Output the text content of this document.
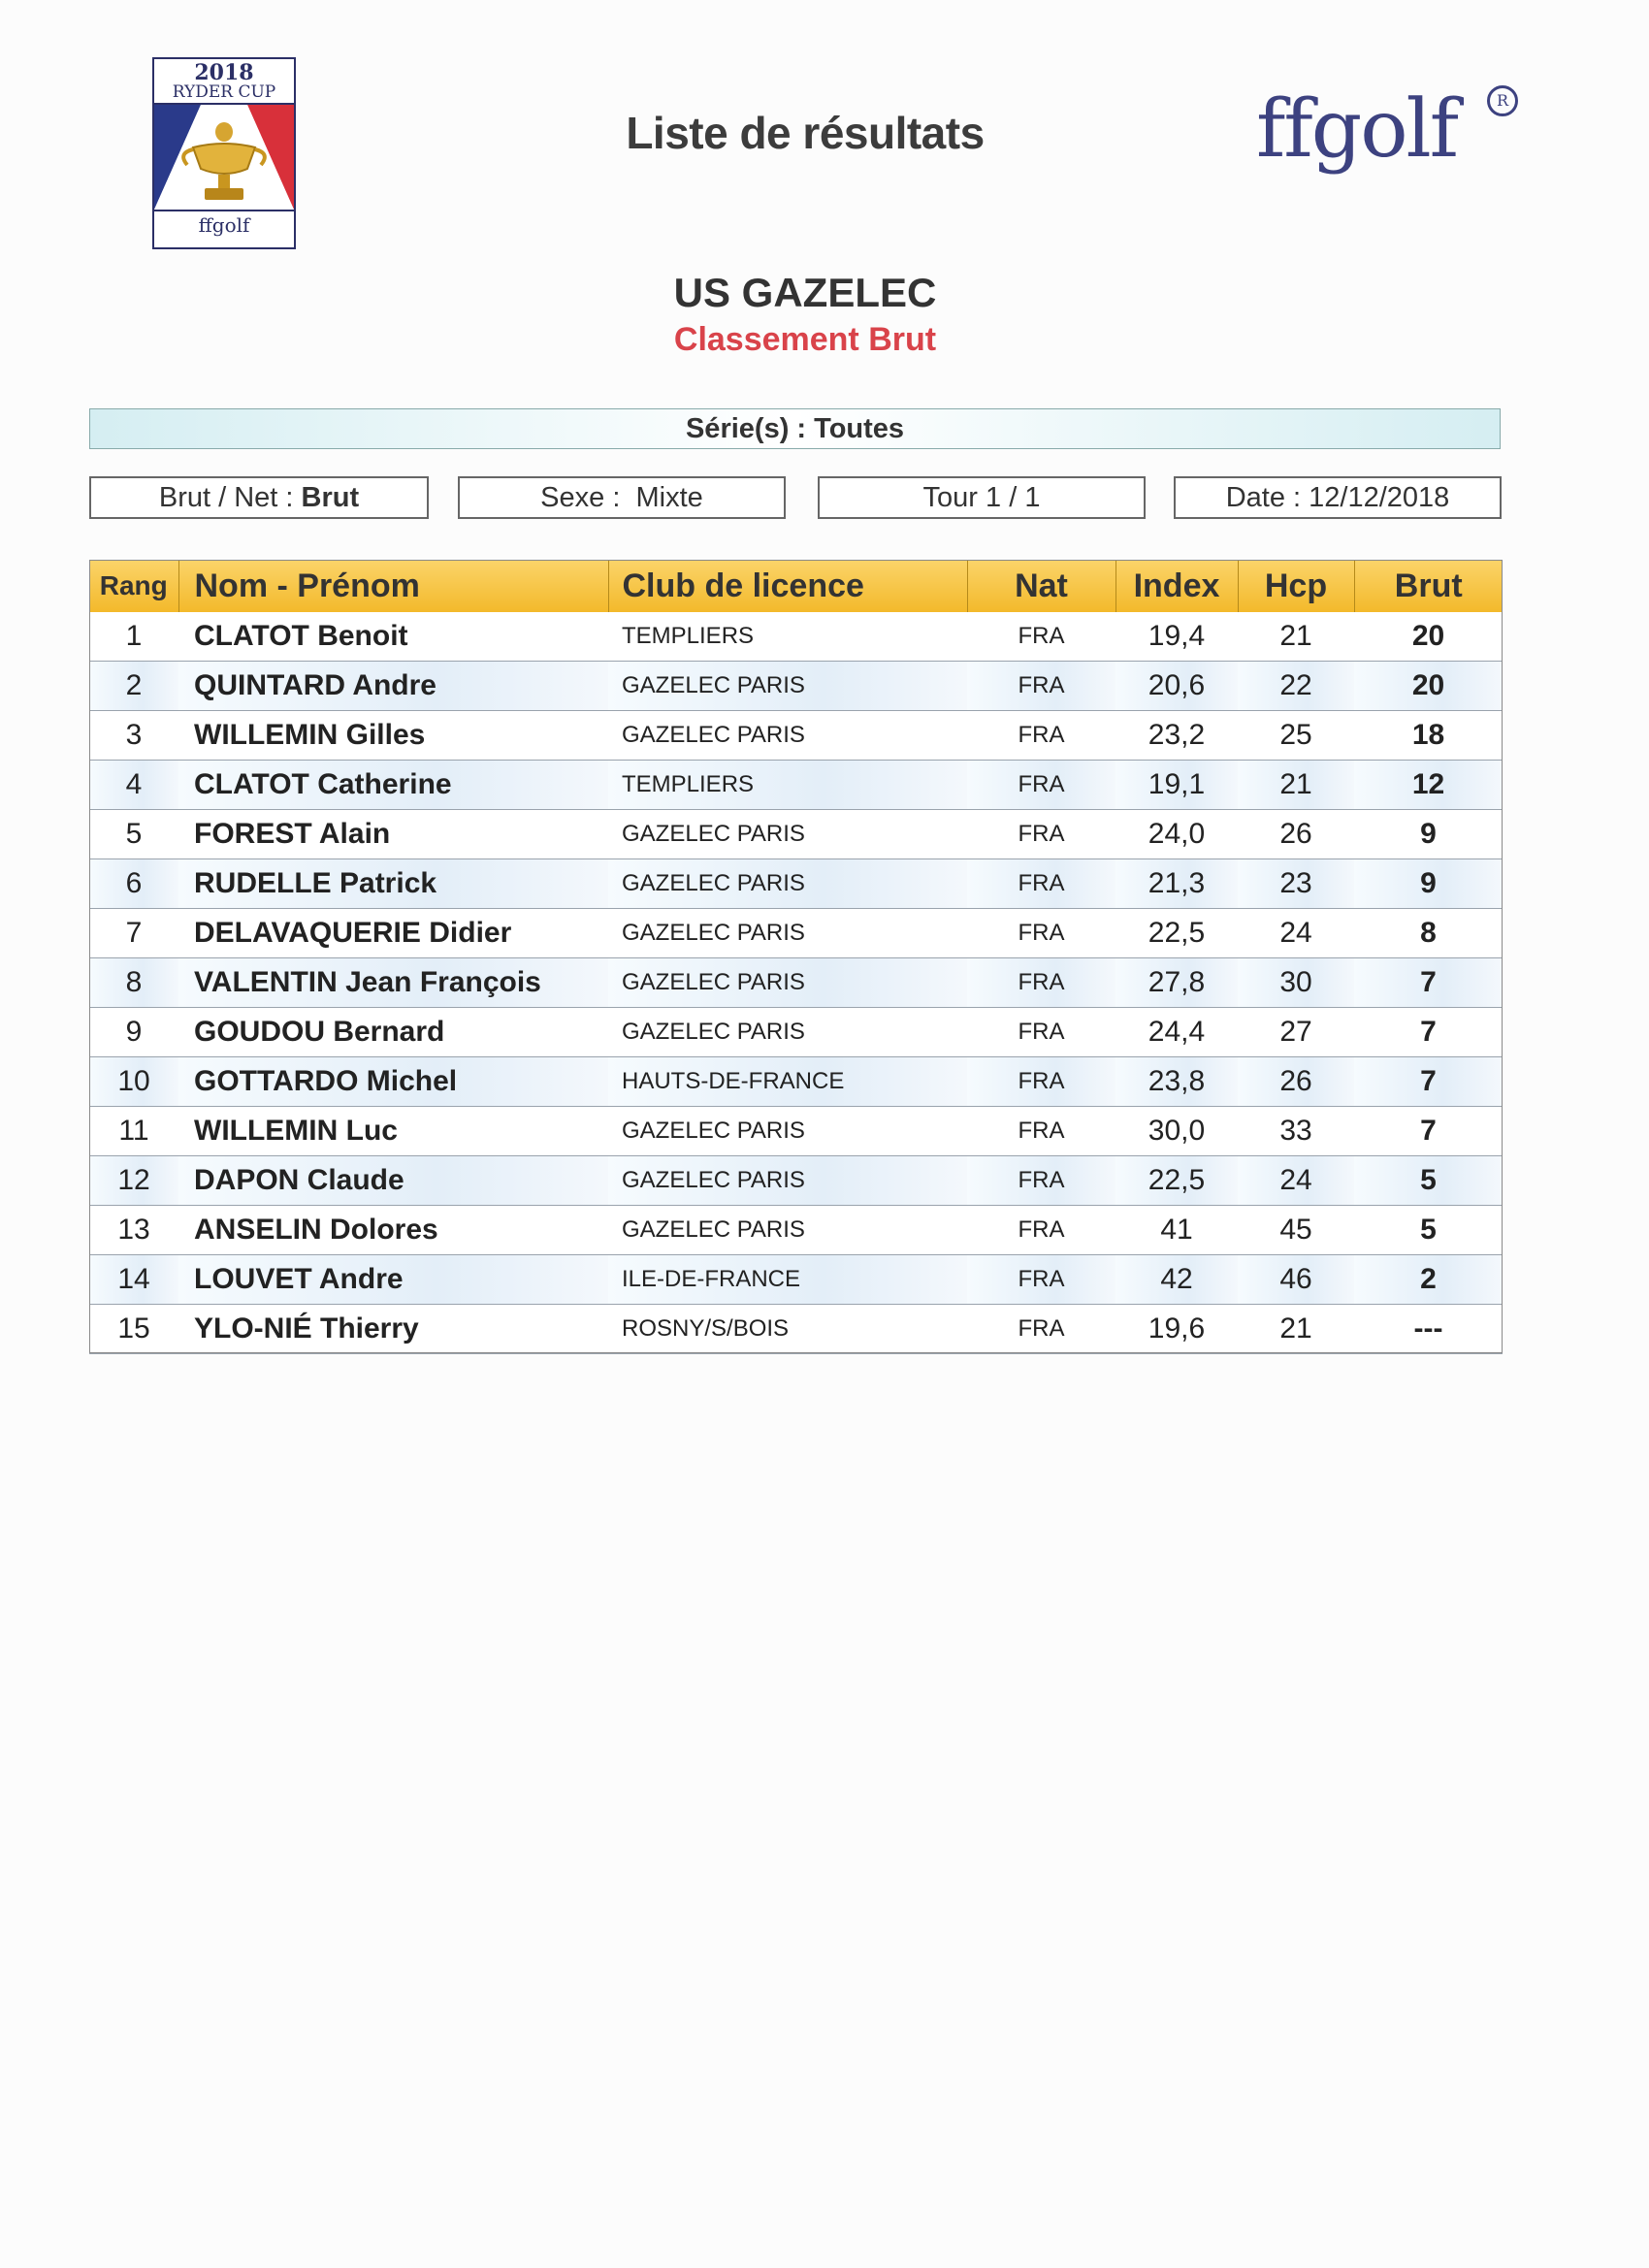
2018
RYDER CUP
ffgolf
Liste de résultats	ffgolf	R
US GAZELEC
Classement Brut
Série(s) : Toutes
Brut / Net : Brut	Sexe : Mixte	Tour 1 / 1	Date : 12/12/2018
Rang	Nom - Prénom	Club de licence	Nat	Index	Hcp	Brut
1	CLATOT Benoit	TEMPLIERS	FRA	19,4	21	20
2	QUINTARD Andre	GAZELEC PARIS	FRA	20,6	22	20
3	WILLEMIN Gilles	GAZELEC PARIS	FRA	23,2	25	18
4	CLATOT Catherine	TEMPLIERS	FRA	19,1	21	12
5	FOREST Alain	GAZELEC PARIS	FRA	24,0	26	9
6	RUDELLE Patrick	GAZELEC PARIS	FRA	21,3	23	9
7	DELAVAQUERIE Didier	GAZELEC PARIS	FRA	22,5	24	8
8	VALENTIN Jean François	GAZELEC PARIS	FRA	27,8	30	7
9	GOUDOU Bernard	GAZELEC PARIS	FRA	24,4	27	7
10	GOTTARDO Michel	HAUTS-DE-FRANCE	FRA	23,8	26	7
11	WILLEMIN Luc	GAZELEC PARIS	FRA	30,0	33	7
12	DAPON Claude	GAZELEC PARIS	FRA	22,5	24	5
13	ANSELIN Dolores	GAZELEC PARIS	FRA	41	45	5
14	LOUVET Andre	ILE-DE-FRANCE	FRA	42	46	2
15	YLO-NIÉ Thierry	ROSNY/S/BOIS	FRA	19,6	21	---
